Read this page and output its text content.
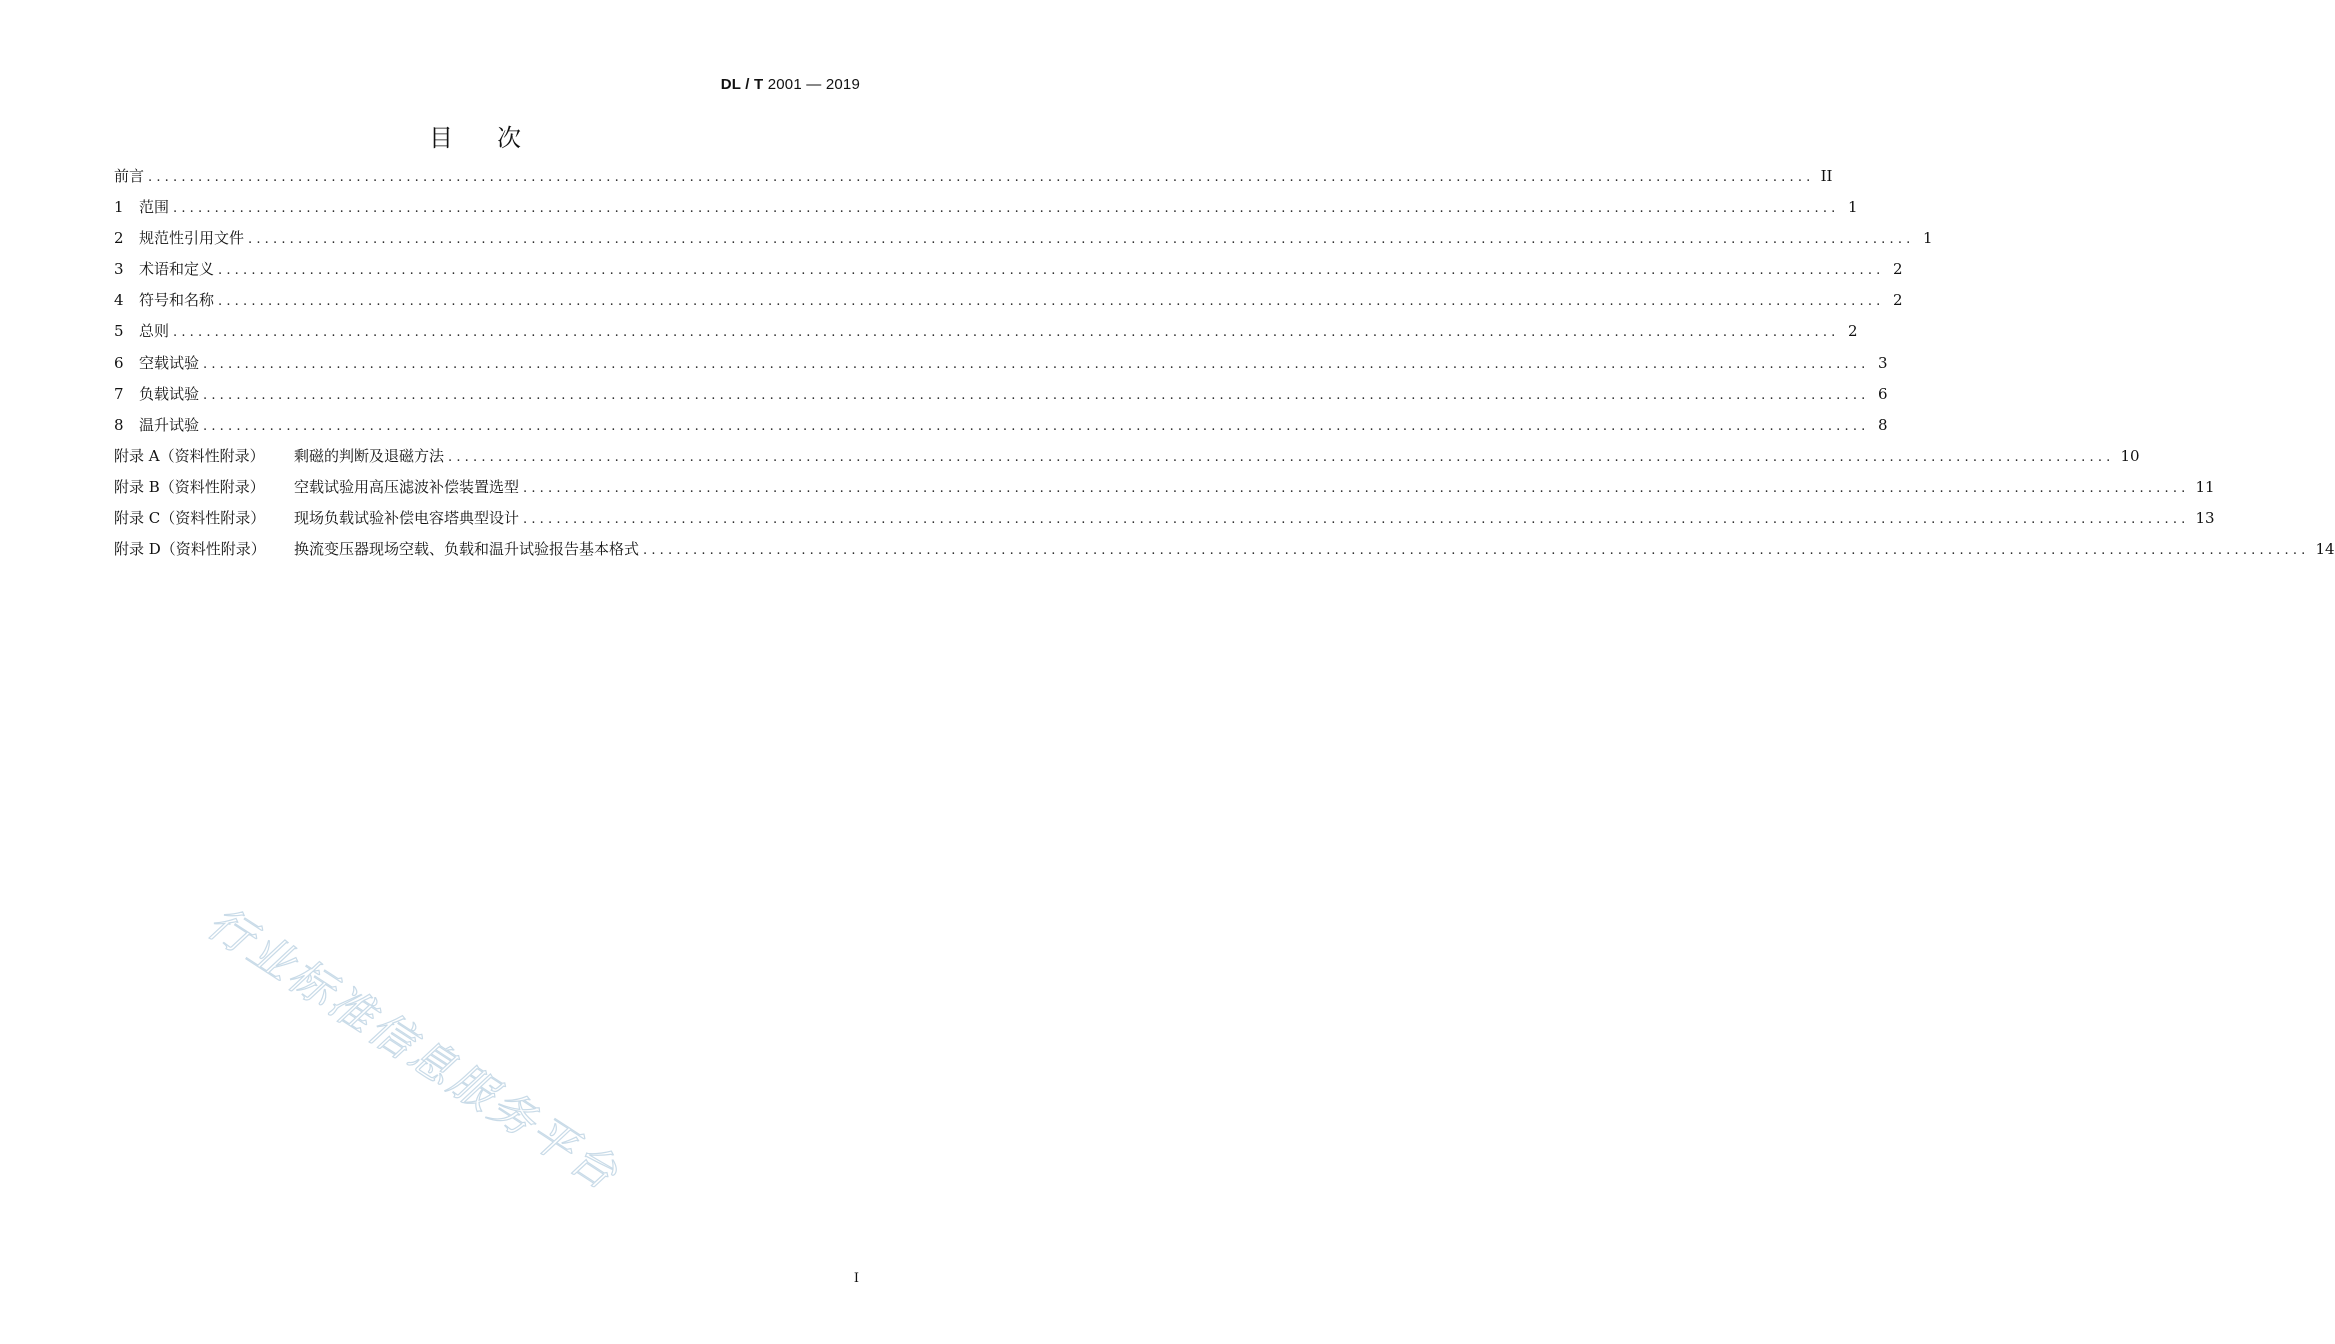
DL / T 2001 — 2019
目 次
前言 ........................................................................................................................................................................................................ II
1	范围 ........................................................................................................................................................................................................ 1
2	规范性引用文件 ........................................................................................................................................................................................................ 1
3	术语和定义 ........................................................................................................................................................................................................ 2
4	符号和名称 ........................................................................................................................................................................................................ 2
5	总则 ........................................................................................................................................................................................................ 2
6	空载试验 ........................................................................................................................................................................................................ 3
7	负载试验 ........................................................................................................................................................................................................ 6
8	温升试验 ........................................................................................................................................................................................................ 8
附录 A（资料性附录）	剩磁的判断及退磁方法 ........................................................................................................................................................................................................ 10
附录 B（资料性附录）	空载试验用高压滤波补偿装置选型 ........................................................................................................................................................................................................ 11
附录 C（资料性附录）	现场负载试验补偿电容塔典型设计 ........................................................................................................................................................................................................ 13
附录 D（资料性附录）	换流变压器现场空载、负载和温升试验报告基本格式 ........................................................................................................................................................................................................ 14
行业标准信息服务平台
I
